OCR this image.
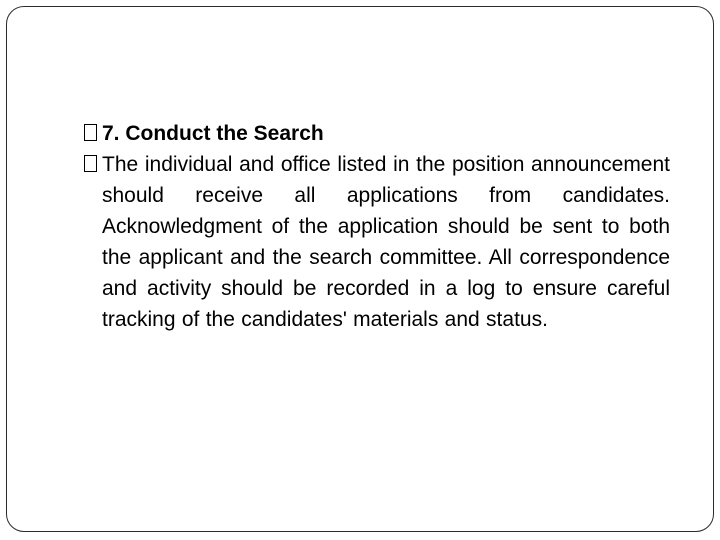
7. Conduct the Search
The individual and office listed in the position announcement should receive all applications from candidates. Acknowledgment of the application should be sent to both the applicant and the search committee. All correspondence and activity should be recorded in a log to ensure careful tracking of the candidates' materials and status.
